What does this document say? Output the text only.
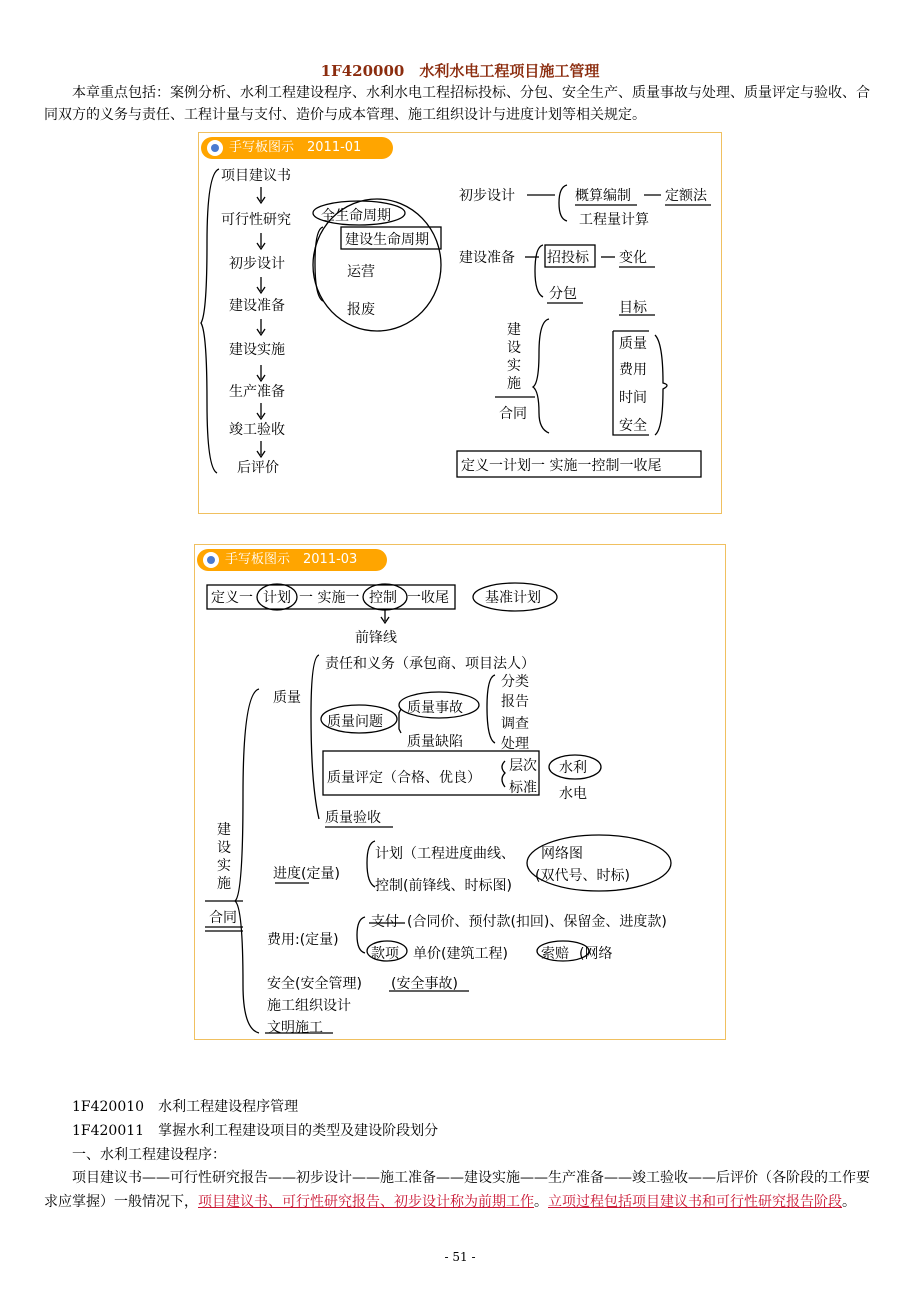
1F420000　水利水电工程项目施工管理
本章重点包括：案例分析、水利工程建设程序、水利水电工程招标投标、分包、安全生产、质量事故与处理、质量评定与验收、合同双方的义务与责任、工程计量与支付、造价与成本管理、施工组织设计与进度计划等相关规定。
手写板图示　2011-01
项目建议书
可行性研究
初步设计
建设准备
建设实施
生产准备
竣工验收
后评价
全生命周期
建设生命周期
运营
报废
初步设计	概算编制 定额法
工程量计算
建设准备 招投标 变化
分包
目标
建
设
实
施
合同
质量
费用
时间
安全
定义一计划一 实施一控制一收尾
手写板图示　2011-03
定义一 计划 一 实施一 控制 一收尾	基准计划
前锋线
建
设
实
施
合同
质量
责任和义务（承包商、项目法人）
质量问题
质量事故
质量缺陷
分类
报告
调查
处理
质量评定（合格、优良）
层次
标准
水利
水电
质量验收
进度(定量)
计划（工程进度曲线、 网络图
(双代号、时标)
控制(前锋线、时标图)
费用:(定量)
支付 (合同价、预付款(扣回)、保留金、进度款)
款项 单价(建筑工程) 索赔 (网络
安全(安全管理) (安全事故)
施工组织设计
文明施工
1F420010　水利工程建设程序管理
1F420011　掌握水利工程建设项目的类型及建设阶段划分
一、水利工程建设程序：
项目建议书——可行性研究报告——初步设计——施工准备——建设实施——生产准备——竣工验收——后评价（各阶段的工作要求应掌握）一般情况下，项目建议书、可行性研究报告、初步设计称为前期工作。立项过程包括项目建议书和可行性研究报告阶段。
- 51 -
